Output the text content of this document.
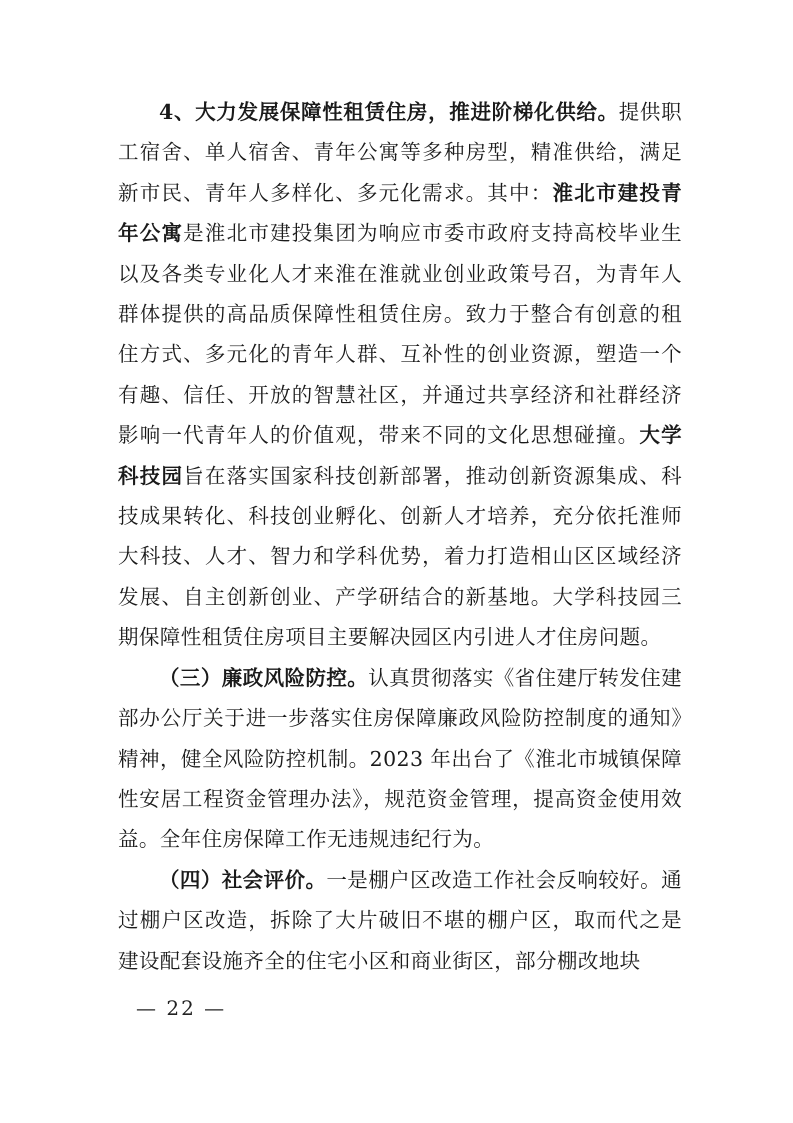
4、大力发展保障性租赁住房，推进阶梯化供给。提供职工宿舍、单人宿舍、青年公寓等多种房型，精准供给，满足新市民、青年人多样化、多元化需求。其中：淮北市建投青年公寓是淮北市建投集团为响应市委市政府支持高校毕业生以及各类专业化人才来淮在淮就业创业政策号召，为青年人群体提供的高品质保障性租赁住房。致力于整合有创意的租住方式、多元化的青年人群、互补性的创业资源，塑造一个有趣、信任、开放的智慧社区，并通过共享经济和社群经济影响一代青年人的价值观，带来不同的文化思想碰撞。大学科技园旨在落实国家科技创新部署，推动创新资源集成、科技成果转化、科技创业孵化、创新人才培养，充分依托淮师大科技、人才、智力和学科优势，着力打造相山区区域经济发展、自主创新创业、产学研结合的新基地。大学科技园三期保障性租赁住房项目主要解决园区内引进人才住房问题。

（三）廉政风险防控。认真贯彻落实《省住建厅转发住建部办公厅关于进一步落实住房保障廉政风险防控制度的通知》精神，健全风险防控机制。2023 年出台了《淮北市城镇保障性安居工程资金管理办法》，规范资金管理，提高资金使用效益。全年住房保障工作无违规违纪行为。

（四）社会评价。一是棚户区改造工作社会反响较好。通过棚户区改造，拆除了大片破旧不堪的棚户区，取而代之是建设配套设施齐全的住宅小区和商业街区，部分棚改地块

— 22 —
